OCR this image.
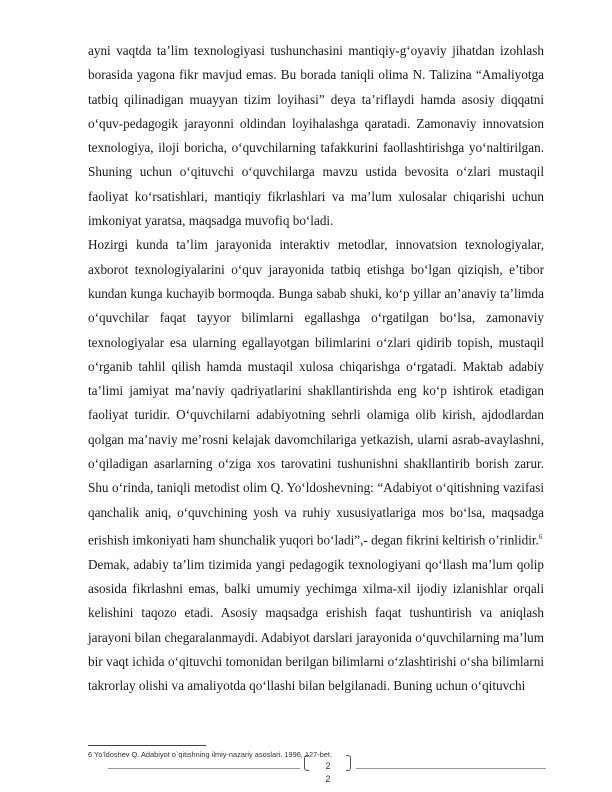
ayni vaqtda ta’lim texnologiyasi tushunchasini mantiqiy-g‘oyaviy jihatdan izohlash borasida yagona fikr mavjud emas. Bu borada taniqli olima N. Talizina “Amaliyotga tatbiq qilinadigan muayyan tizim loyihasi” deya ta’riflaydi hamda asosiy diqqatni o‘quv-pedagogik jarayonni oldindan loyihalashga qaratadi. Zamonaviy innovatsion texnologiya, iloji boricha, o‘quvchilarning tafakkurini faollashtirishga yo‘naltirilgan. Shuning uchun o‘qituvchi o‘quvchilarga mavzu ustida bevosita o‘zlari mustaqil faoliyat ko‘rsatishlari, mantiqiy fikrlashlari va ma’lum xulosalar chiqarishi uchun imkoniyat yaratsa, maqsadga muvofiq bo‘ladi.

Hozirgi kunda ta’lim jarayonida interaktiv metodlar, innovatsion texnologiyalar, axborot texnologiyalarini o‘quv jarayonida tatbiq etishga bo‘lgan qiziqish, e’tibor kundan kunga kuchayib bormoqda. Bunga sabab shuki, ko‘p yillar an’anaviy ta’limda o‘quvchilar faqat tayyor bilimlarni egallashga o‘rgatilgan bo‘lsa, zamonaviy texnologiyalar esa ularning egallayotgan bilimlarini o‘zlari qidirib topish, mustaqil o‘rganib tahlil qilish hamda mustaqil xulosa chiqarishga o‘rgatadi. Maktab adabiy ta’limi jamiyat ma’naviy qadriyatlarini shakllantirishda eng ko‘p ishtirok etadigan faoliyat turidir. O‘quvchilarni adabiyotning sehrli olamiga olib kirish, ajdodlardan qolgan ma’naviy me’rosni kelajak davomchilariga yetkazish, ularni asrab-avaylashni, o‘qiladigan asarlarning o‘ziga xos tarovatini tushunishni shakllantirib borish zarur. Shu o‘rinda, taniqli metodist olim Q. Yo‘ldoshevning: “Adabiyot o‘qitishning vazifasi qanchalik aniq, o‘quvchining yosh va ruhiy xususiyatlariga mos bo‘lsa, maqsadga erishish imkoniyati ham shunchalik yuqori bo‘ladi”,- degan fikrini keltirish o’rinlidir.$^6$

Demak, adabiy ta’lim tizimida yangi pedagogik texnologiyani qo‘llash ma’lum qolip asosida fikrlashni emas, balki umumiy yechimga xilma-xil ijodiy izlanishlar orqali kelishini taqozo etadi. Asosiy maqsadga erishish faqat tushuntirish va aniqlash jarayoni bilan chegaralanmaydi. Adabiyot darslari jarayonida o‘quvchilarning ma’lum bir vaqt ichida o‘qituvchi tomonidan berilgan bilimlarni o‘zlashtirishi o‘sha bilimlarni takrorlay olishi va amaliyotda qo‘llashi bilan belgilanadi. Buning uchun o‘qituvchi

6 Yo’ldoshev Q. Adabiyot o`qitishning ilmiy-nazariy asoslari. 1996, 127-bet.
2
2
